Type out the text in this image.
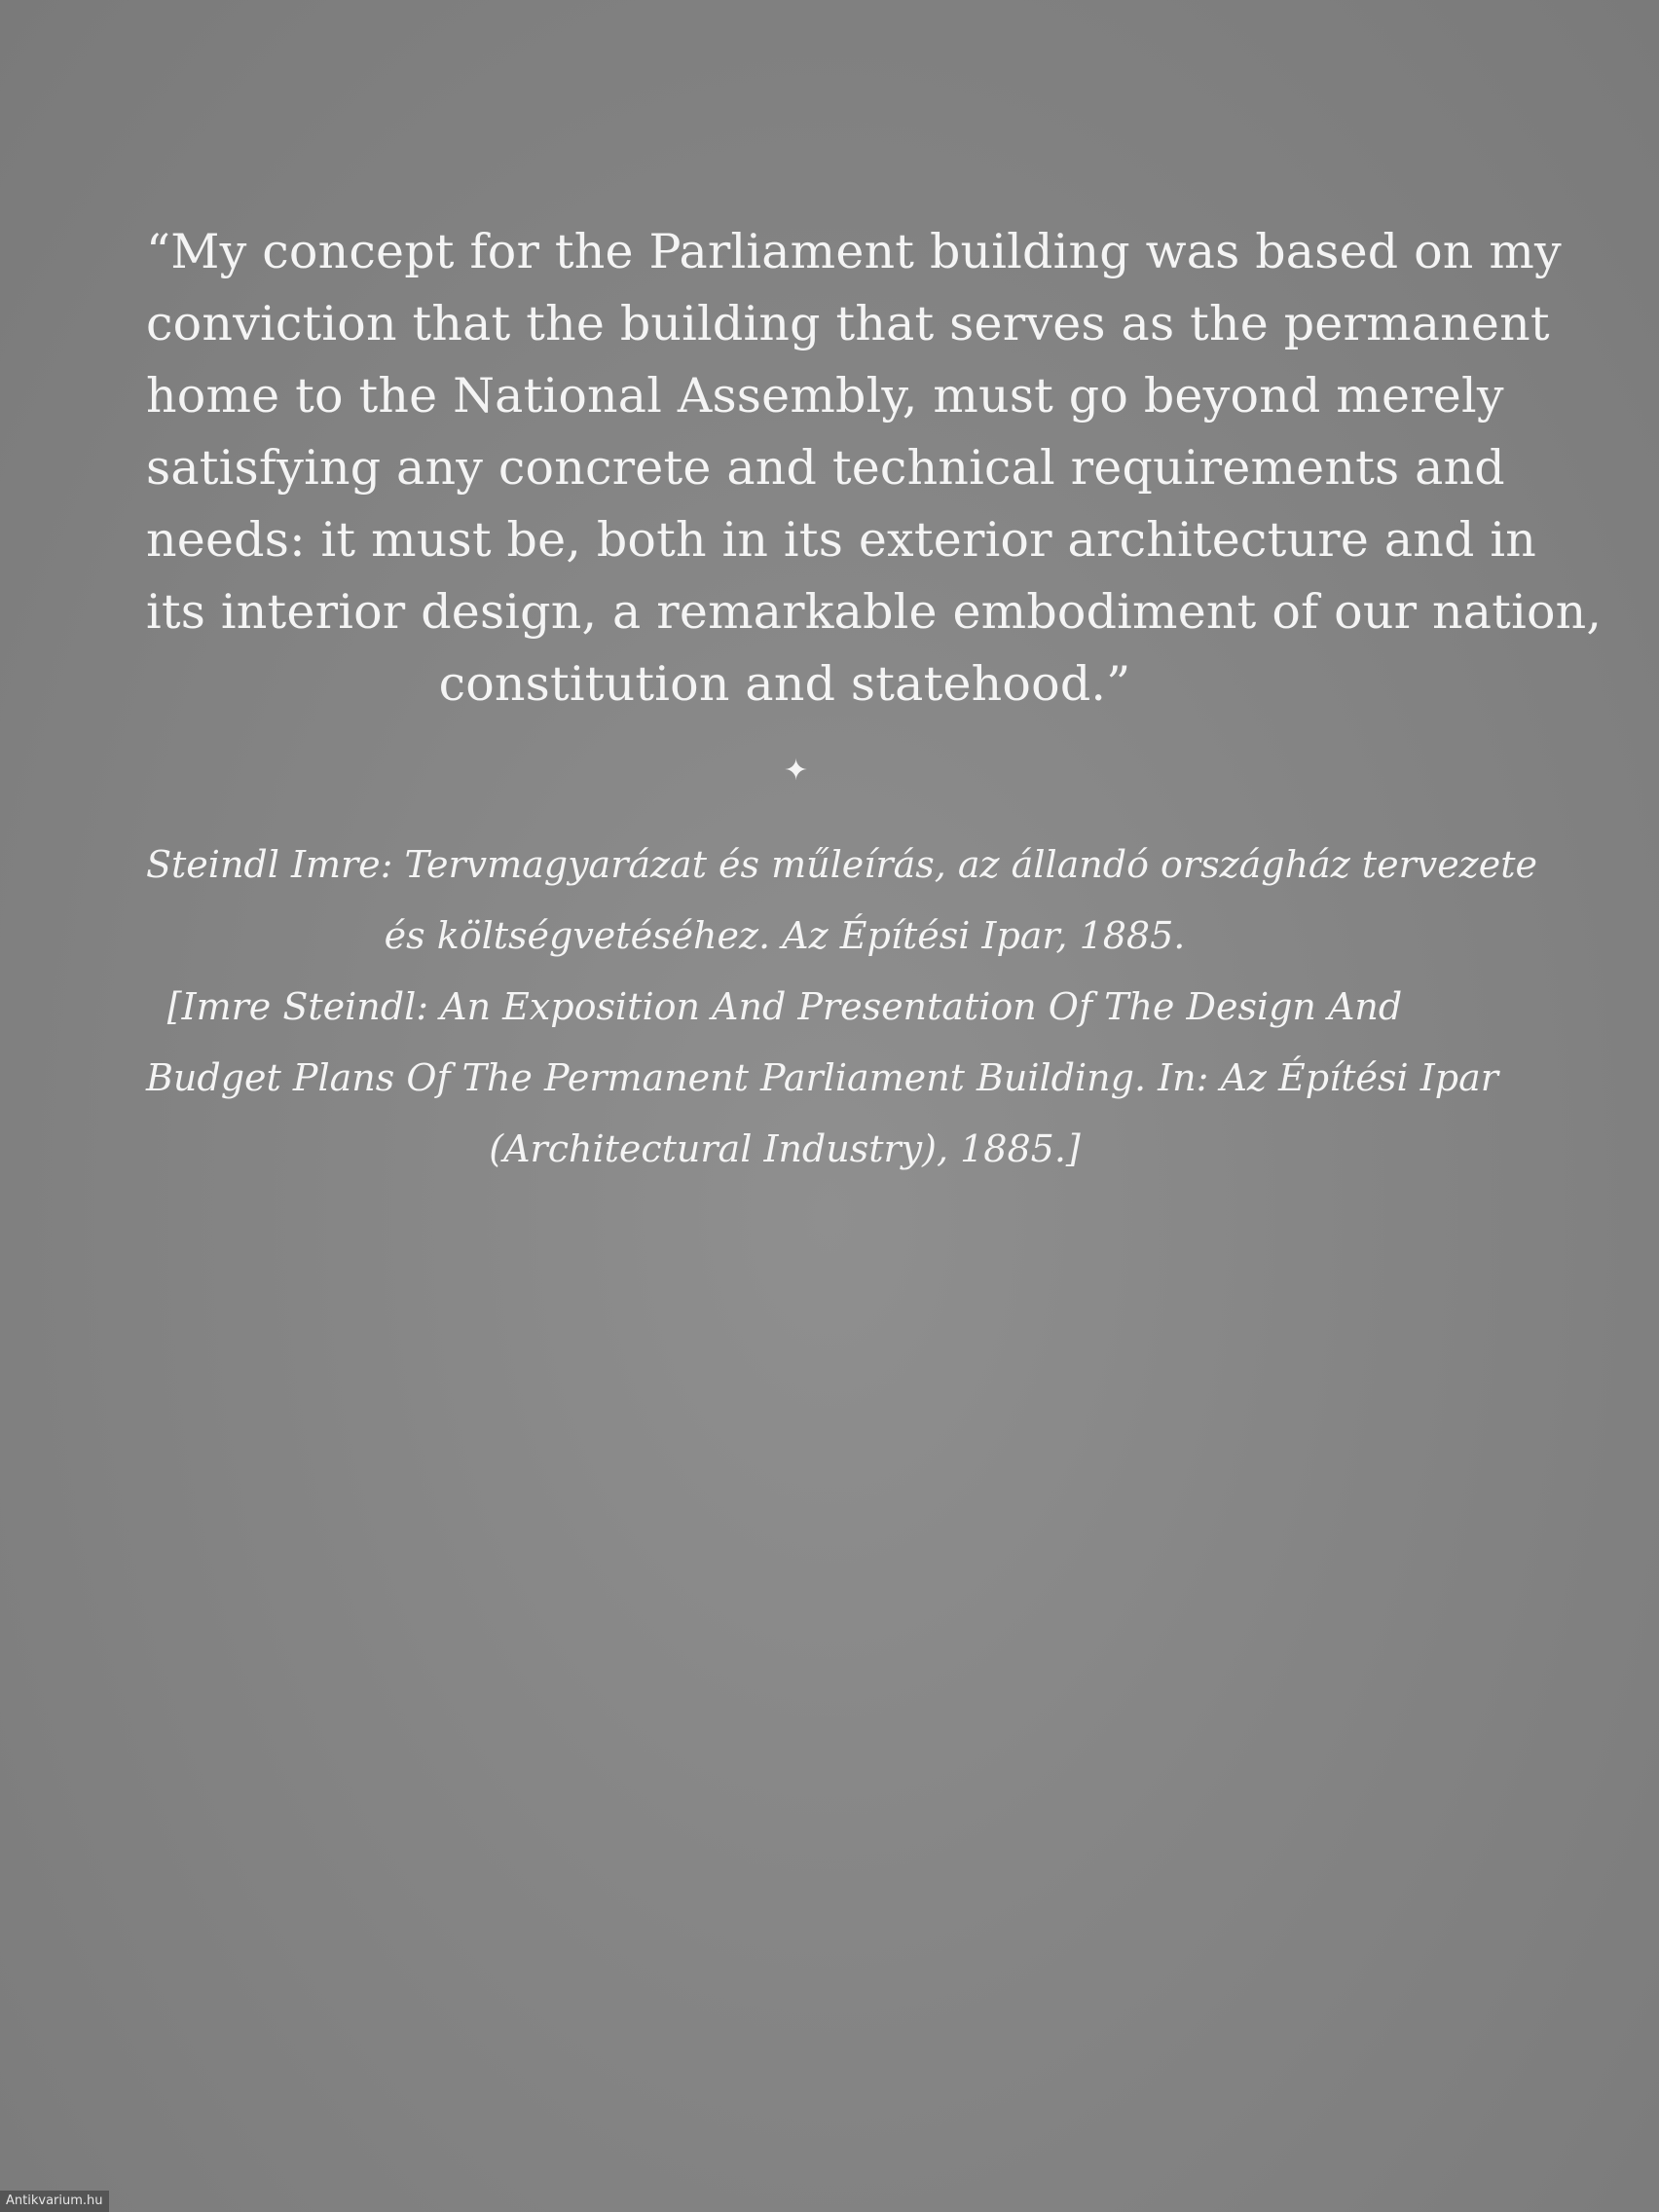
“My concept for the Parliament building was based on my
conviction that the building that serves as the permanent
home to the National Assembly, must go beyond merely
satisfying any concrete and technical requirements and
needs: it must be, both in its exterior architecture and in
its interior design, a remarkable embodiment of our nation,
constitution and statehood.”

✦

Steindl Imre: Tervmagyarázat és műleírás, az állandó országház tervezete
és költségvetéséhez. Az Építési Ipar, 1885.
[Imre Steindl: An Exposition And Presentation Of The Design And
Budget Plans Of The Permanent Parliament Building. In: Az Építési Ipar
(Architectural Industry), 1885.]

Antikvarium.hu
